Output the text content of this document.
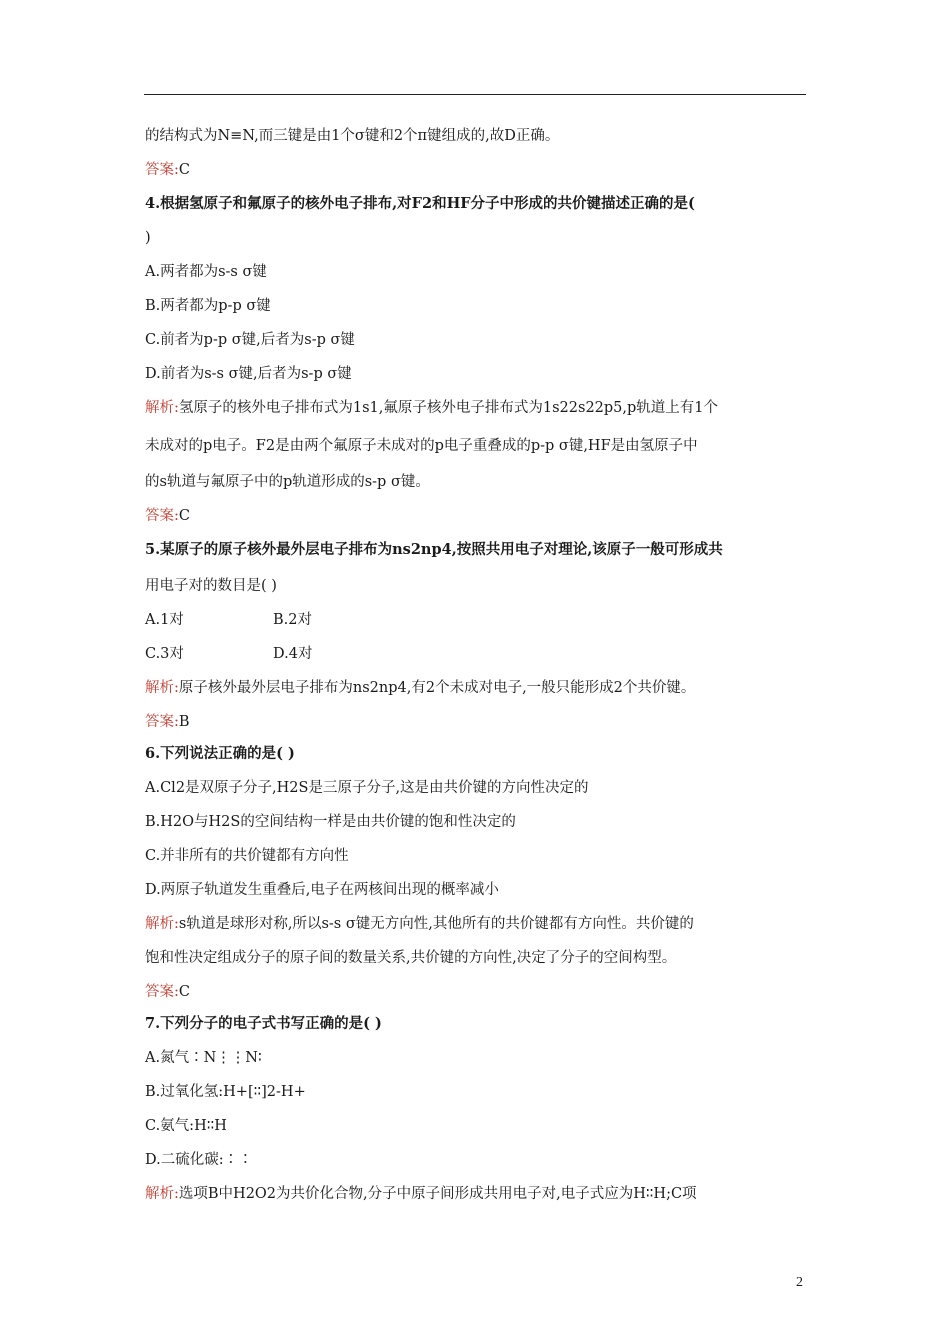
的结构式为N≡N,而三键是由1个σ键和2个π键组成的,故D正确。
答案:C
4.根据氢原子和氟原子的核外电子排布,对F2和HF分子中形成的共价键描述正确的是(
)
A.两者都为s-s σ键
B.两者都为p-p σ键
C.前者为p-p σ键,后者为s-p σ键
D.前者为s-s σ键,后者为s-p σ键
解析:氢原子的核外电子排布式为1s1,氟原子核外电子排布式为1s22s22p5,p轨道上有1个
未成对的p电子。F2是由两个氟原子未成对的p电子重叠成的p-p σ键,HF是由氢原子中
的s轨道与氟原子中的p轨道形成的s-p σ键。
答案:C
5.某原子的原子核外最外层电子排布为ns2np4,按照共用电子对理论,该原子一般可形成共
用电子对的数目是( )
A.1对	B.2对
C.3对	D.4对
解析:原子核外最外层电子排布为ns2np4,有2个未成对电子,一般只能形成2个共价键。
答案:B
6.下列说法正确的是( )
A.Cl2是双原子分子,H2S是三原子分子,这是由共价键的方向性决定的
B.H2O与H2S的空间结构一样是由共价键的饱和性决定的
C.并非所有的共价键都有方向性
D.两原子轨道发生重叠后,电子在两核间出现的概率减小
解析:s轨道是球形对称,所以s-s σ键无方向性,其他所有的共价键都有方向性。共价键的
饱和性决定组成分子的原子间的数量关系,共价键的方向性,决定了分子的空间构型。
答案:C
7.下列分子的电子式书写正确的是( )
A.氮气∶N⋮⋮N∶
B.过氧化氢:H+[∶∶]2-H+
C.氨气:H∶∶H
D.二硫化碳:∶∶
解析:选项B中H2O2为共价化合物,分子中原子间形成共用电子对,电子式应为H∶∶H;C项
2
